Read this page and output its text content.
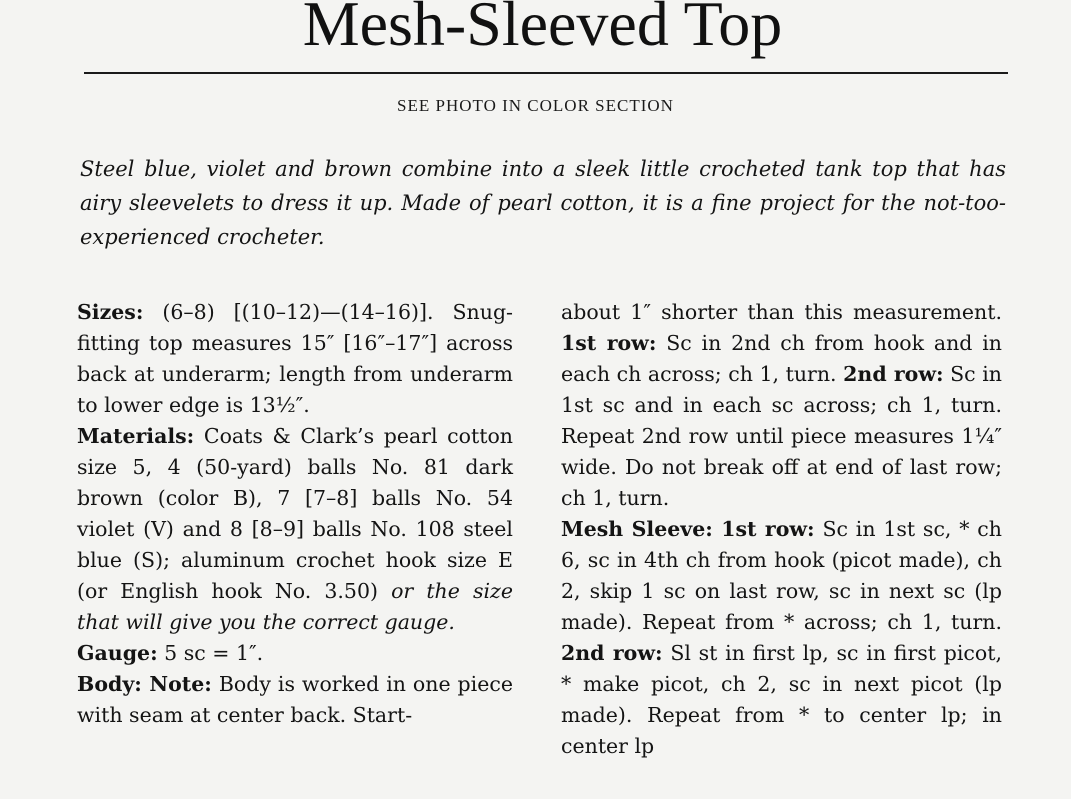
Mesh-Sleeved Top
SEE PHOTO IN COLOR SECTION
Steel blue, violet and brown combine into a sleek little crocheted tank top that has airy sleevelets to dress it up. Made of pearl cotton, it is a fine project for the not-too-experienced crocheter.

Sizes: (6–8) [(10–12)—(14–16)]. Snug-fitting top measures 15″ [16″–17″] across back at underarm; length from underarm to lower edge is 13½″.

Materials: Coats & Clark’s pearl cotton size 5, 4 (50-yard) balls No. 81 dark brown (color B), 7 [7–8] balls No. 54 violet (V) and 8 [8–9] balls No. 108 steel blue (S); aluminum crochet hook size E (or English hook No. 3.50) or the size that will give you the correct gauge.

Gauge: 5 sc = 1″.

Body: Note: Body is worked in one piece with seam at center back. Start-

about 1″ shorter than this measurement. 1st row: Sc in 2nd ch from hook and in each ch across; ch 1, turn. 2nd row: Sc in 1st sc and in each sc across; ch 1, turn. Repeat 2nd row until piece measures 1¼″ wide. Do not break off at end of last row; ch 1, turn.

Mesh Sleeve: 1st row: Sc in 1st sc, * ch 6, sc in 4th ch from hook (picot made), ch 2, skip 1 sc on last row, sc in next sc (lp made). Repeat from * across; ch 1, turn. 2nd row: Sl st in first lp, sc in first picot, * make picot, ch 2, sc in next picot (lp made). Repeat from * to center lp; in center lp
